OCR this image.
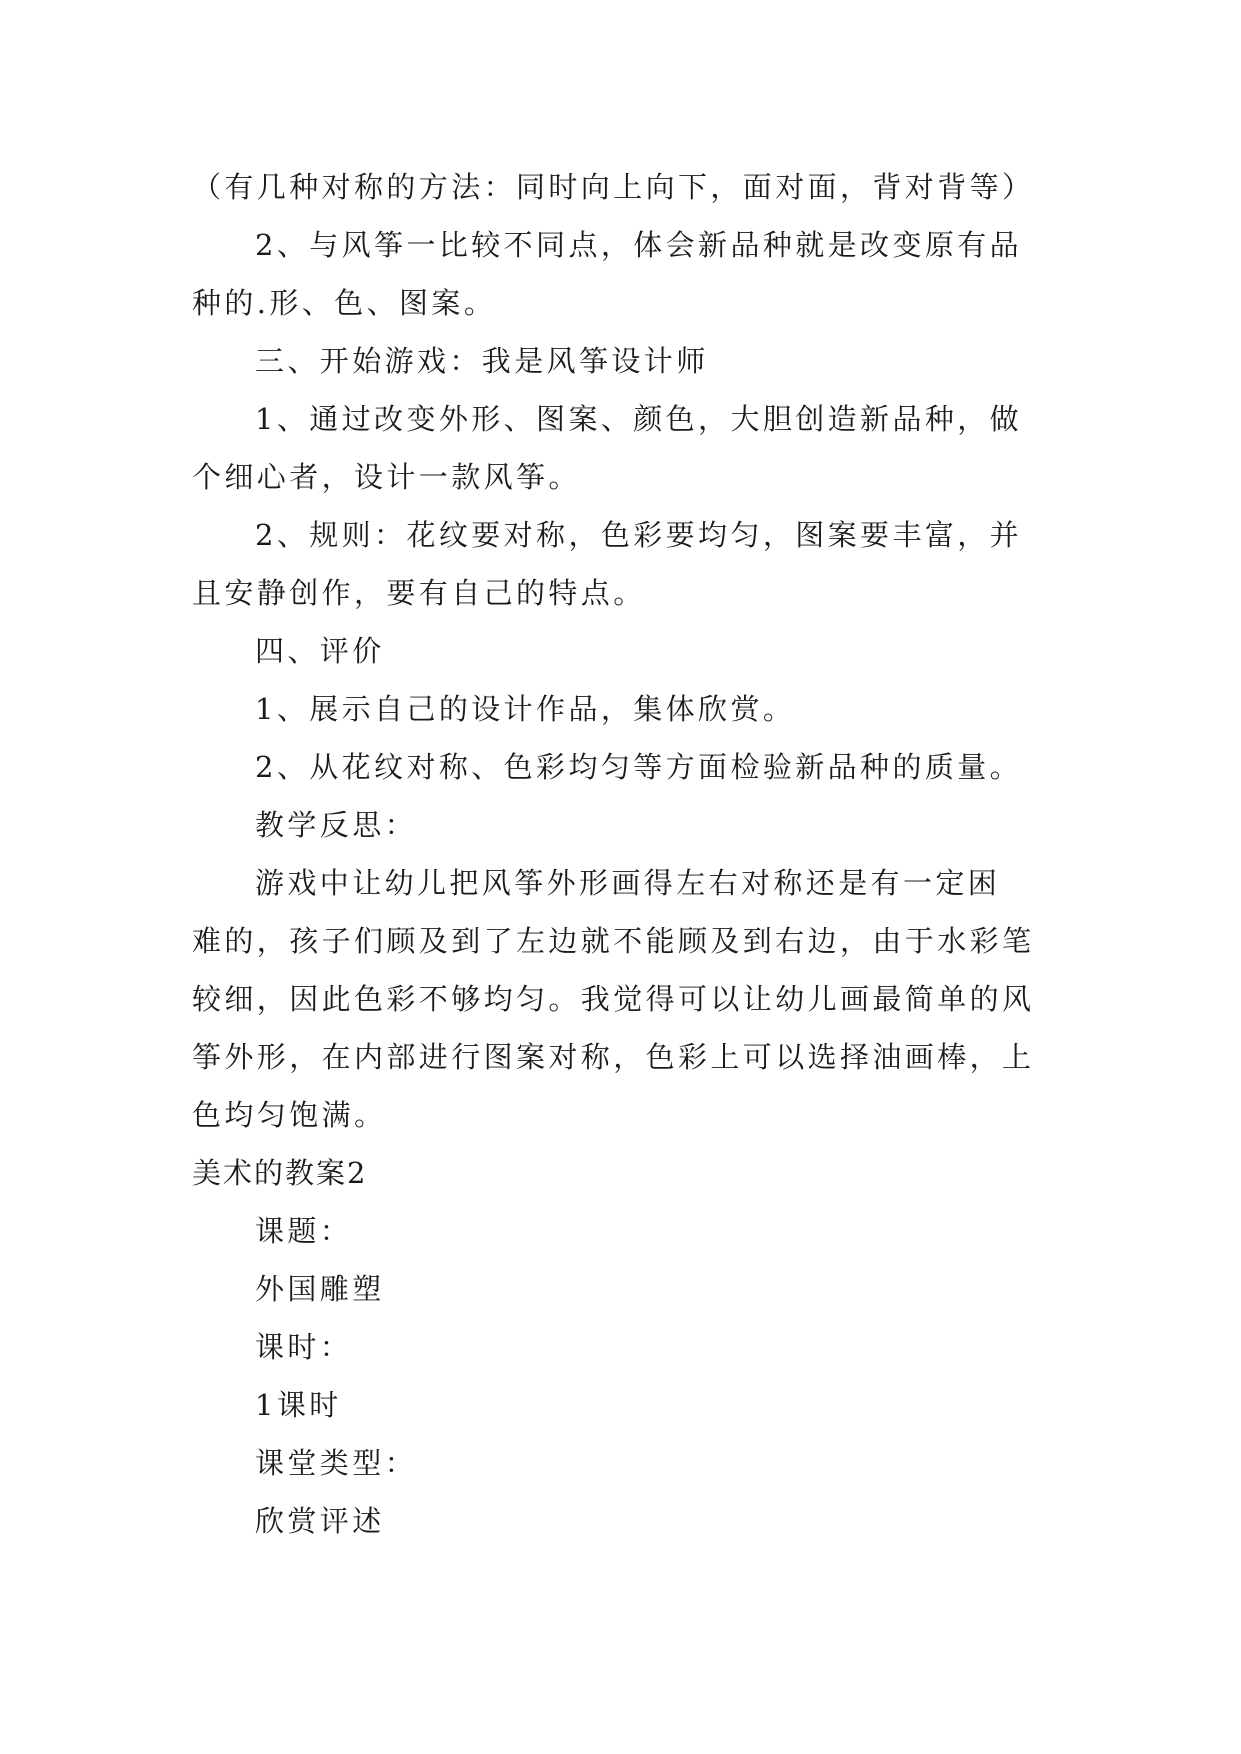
（有几种对称的方法：同时向上向下，面对面，背对背等）
2、与风筝一比较不同点，体会新品种就是改变原有品
种的.形、色、图案。
三、开始游戏：我是风筝设计师
1、通过改变外形、图案、颜色，大胆创造新品种，做
个细心者，设计一款风筝。
2、规则：花纹要对称，色彩要均匀，图案要丰富，并
且安静创作，要有自己的特点。
四、评价
1、展示自己的设计作品，集体欣赏。
2、从花纹对称、色彩均匀等方面检验新品种的质量。
教学反思：
游戏中让幼儿把风筝外形画得左右对称还是有一定困
难的，孩子们顾及到了左边就不能顾及到右边，由于水彩笔
较细，因此色彩不够均匀。我觉得可以让幼儿画最简单的风
筝外形，在内部进行图案对称，色彩上可以选择油画棒，上
色均匀饱满。
美术的教案2
课题：
外国雕塑
课时：
1课时
课堂类型：
欣赏评述
